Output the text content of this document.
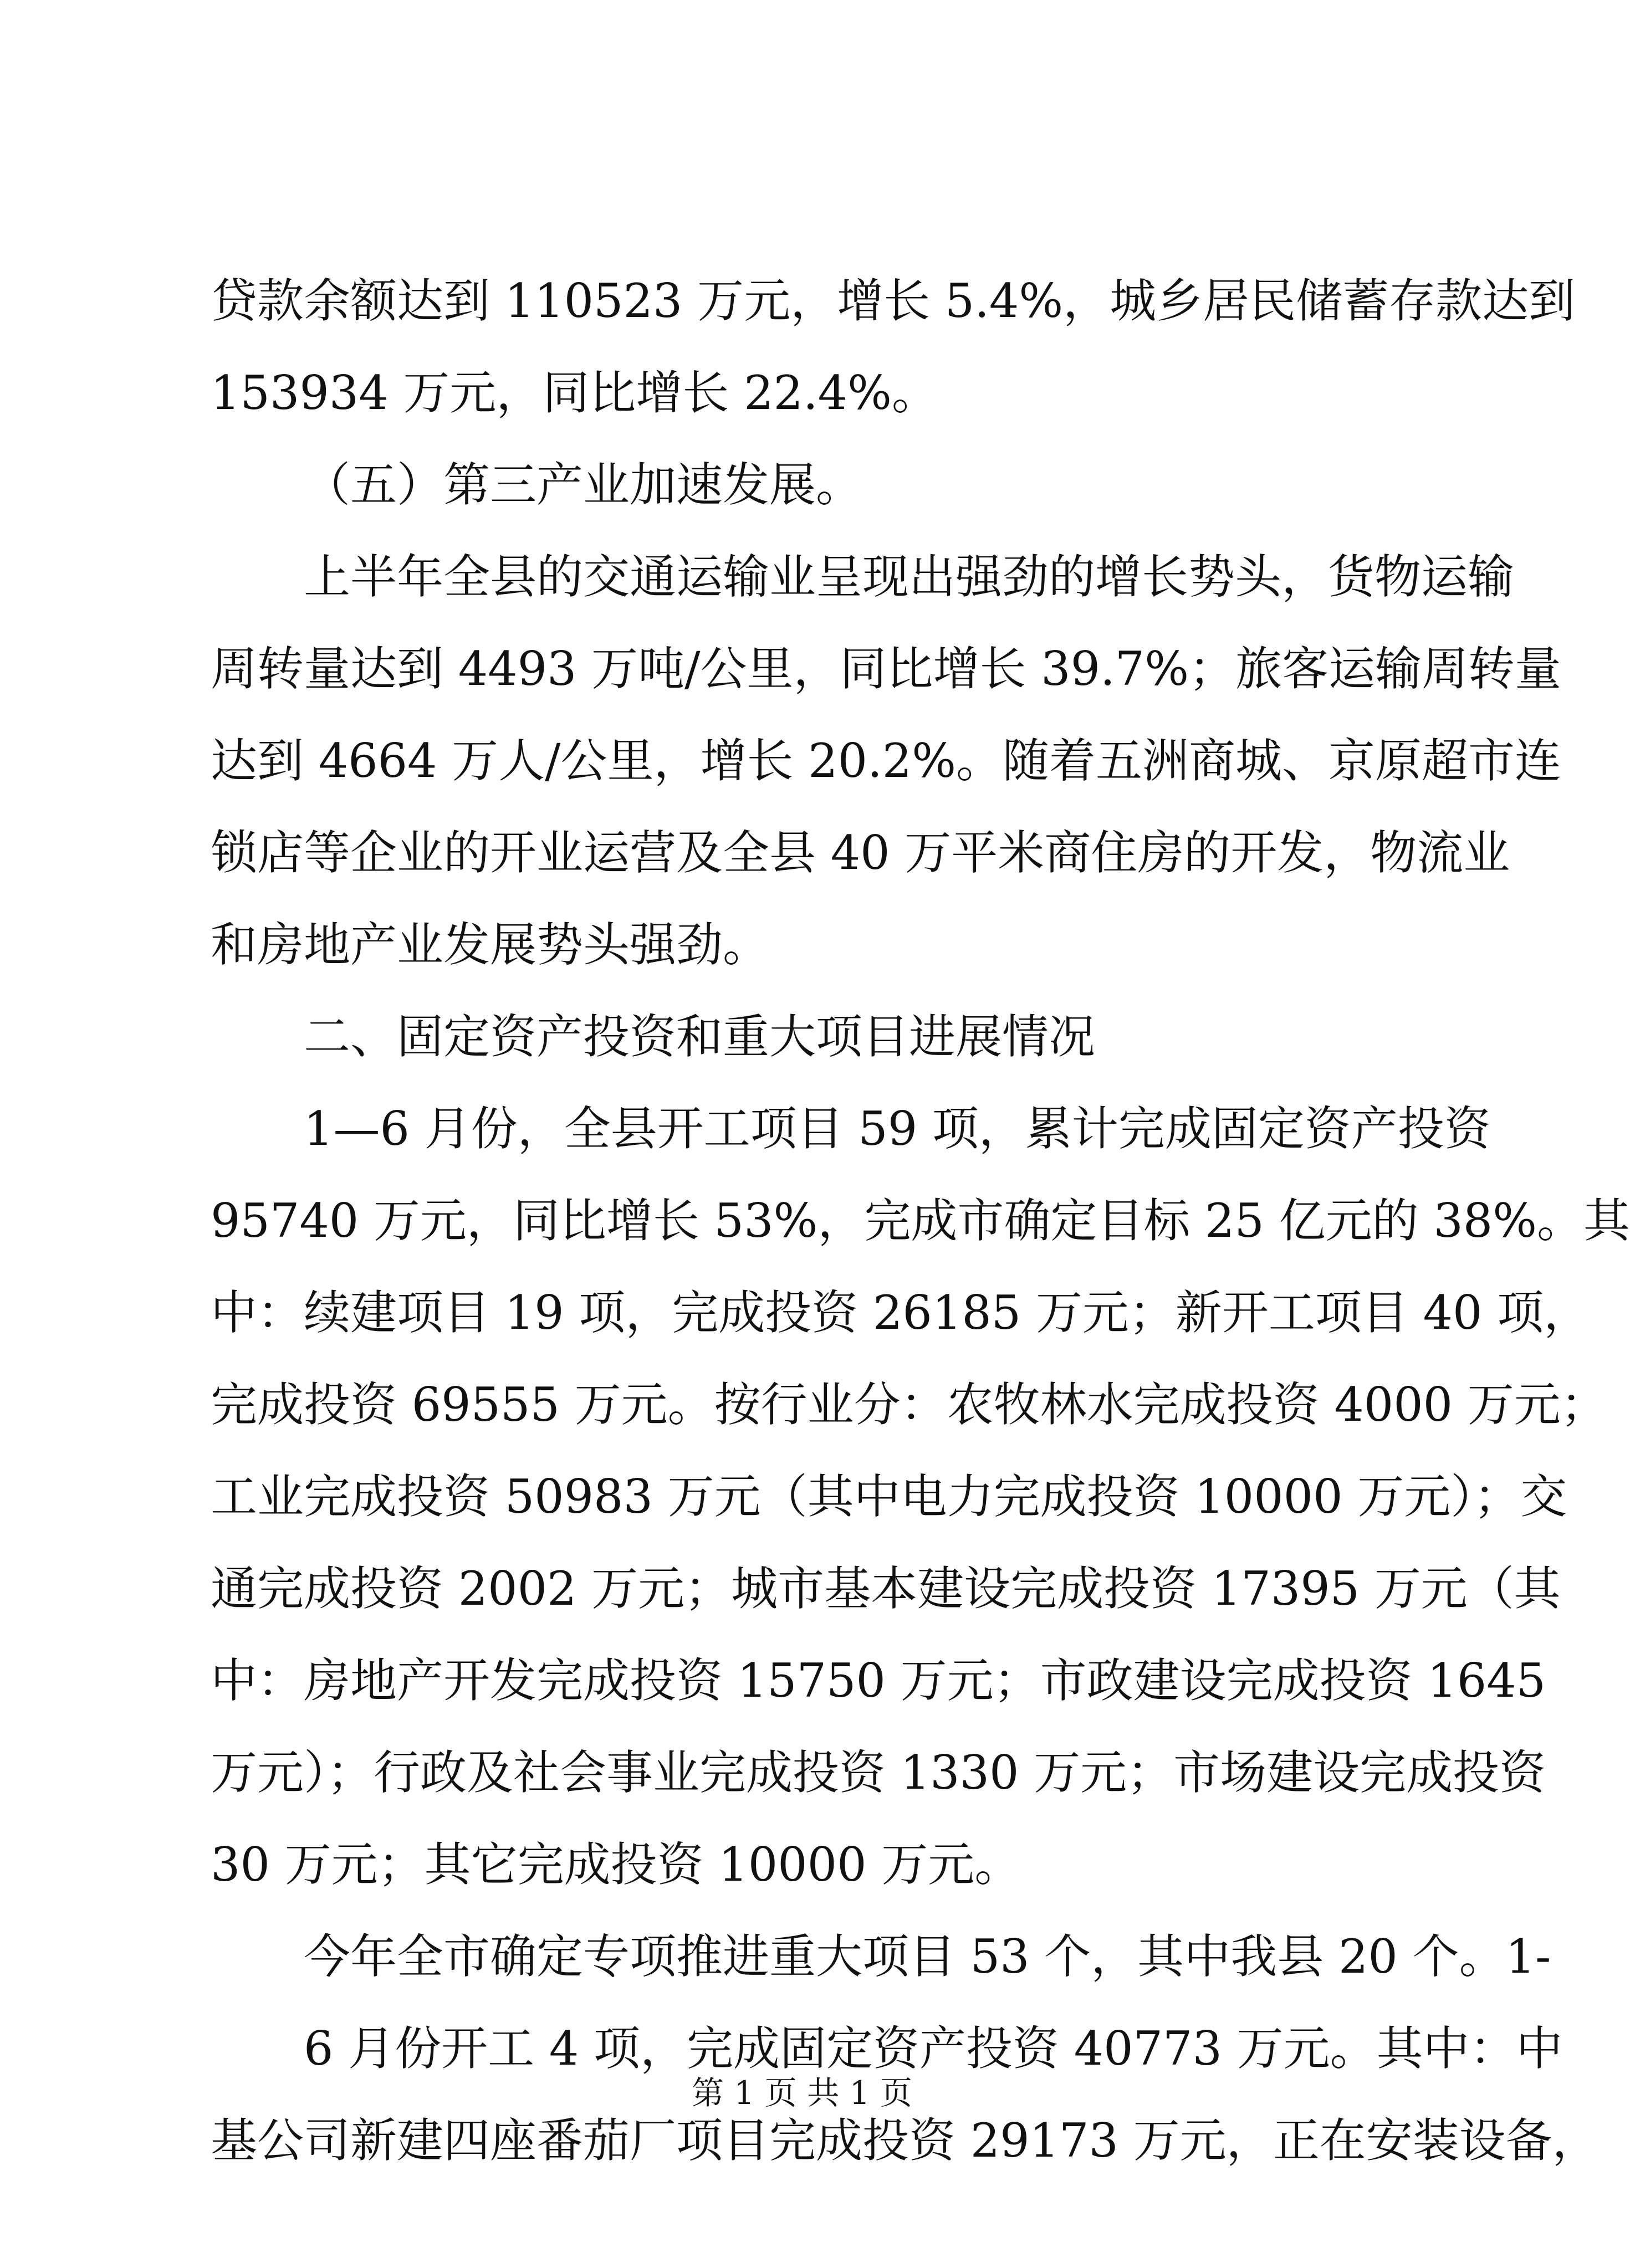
贷款余额达到 110523 万元，增长 5.4%，城乡居民储蓄存款达到
153934 万元，同比增长 22.4%。
（五）第三产业加速发展。
上半年全县的交通运输业呈现出强劲的增长势头，货物运输
周转量达到 4493 万吨/公里，同比增长 39.7%；旅客运输周转量
达到 4664 万人/公里，增长 20.2%。随着五洲商城、京原超市连
锁店等企业的开业运营及全县 40 万平米商住房的开发，物流业
和房地产业发展势头强劲。
二、固定资产投资和重大项目进展情况
1—6 月份，全县开工项目 59 项，累计完成固定资产投资
95740 万元，同比增长 53%，完成市确定目标 25 亿元的 38%。其
中：续建项目 19 项，完成投资 26185 万元；新开工项目 40 项，
完成投资 69555 万元。按行业分：农牧林水完成投资 4000 万元；
工业完成投资 50983 万元（其中电力完成投资 10000 万元）；交
通完成投资 2002 万元；城市基本建设完成投资 17395 万元（其
中：房地产开发完成投资 15750 万元；市政建设完成投资 1645
万元）；行政及社会事业完成投资 1330 万元；市场建设完成投资
30 万元；其它完成投资 10000 万元。
今年全市确定专项推进重大项目 53 个，其中我县 20 个。1-
6 月份开工 4 项，完成固定资产投资 40773 万元。其中：中
基公司新建四座番茄厂项目完成投资 29173 万元，正在安装设备，
第 1 页 共 1 页
